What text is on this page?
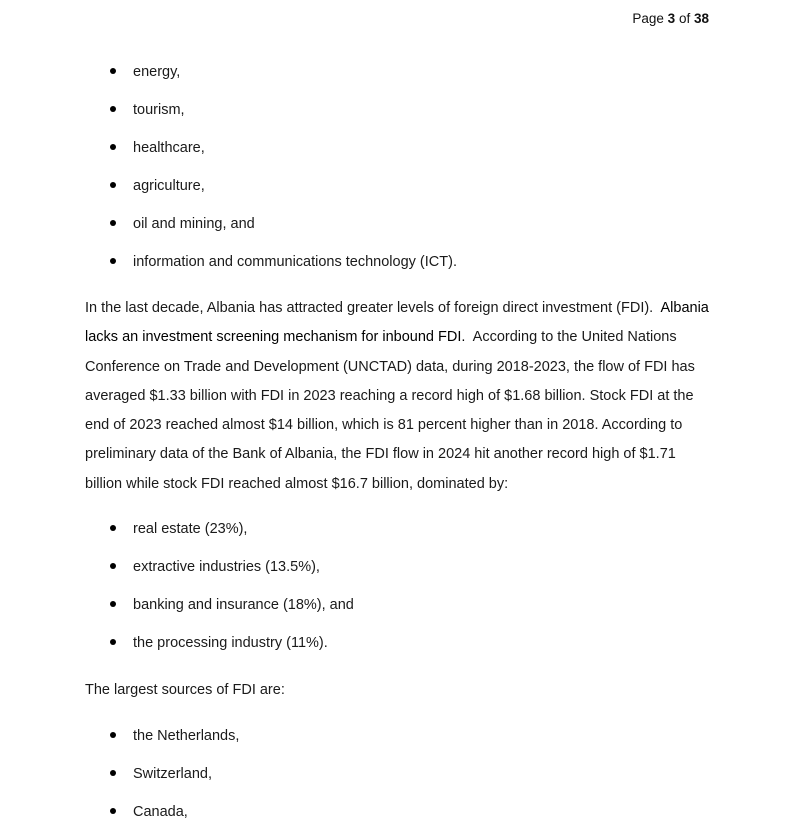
Page 3 of 38
energy,
tourism,
healthcare,
agriculture,
oil and mining, and
information and communications technology (ICT).

In the last decade, Albania has attracted greater levels of foreign direct investment (FDI). Albania
lacks an investment screening mechanism for inbound FDI. According to the United Nations
Conference on Trade and Development (UNCTAD) data, during 2018-2023, the flow of FDI has
averaged $1.33 billion with FDI in 2023 reaching a record high of $1.68 billion. Stock FDI at the
end of 2023 reached almost $14 billion, which is 81 percent higher than in 2018. According to
preliminary data of the Bank of Albania, the FDI flow in 2024 hit another record high of $1.71
billion while stock FDI reached almost $16.7 billion, dominated by:

real estate (23%),
extractive industries (13.5%),
banking and insurance (18%), and
the processing industry (11%).

The largest sources of FDI are:

the Netherlands,
Switzerland,
Canada,
